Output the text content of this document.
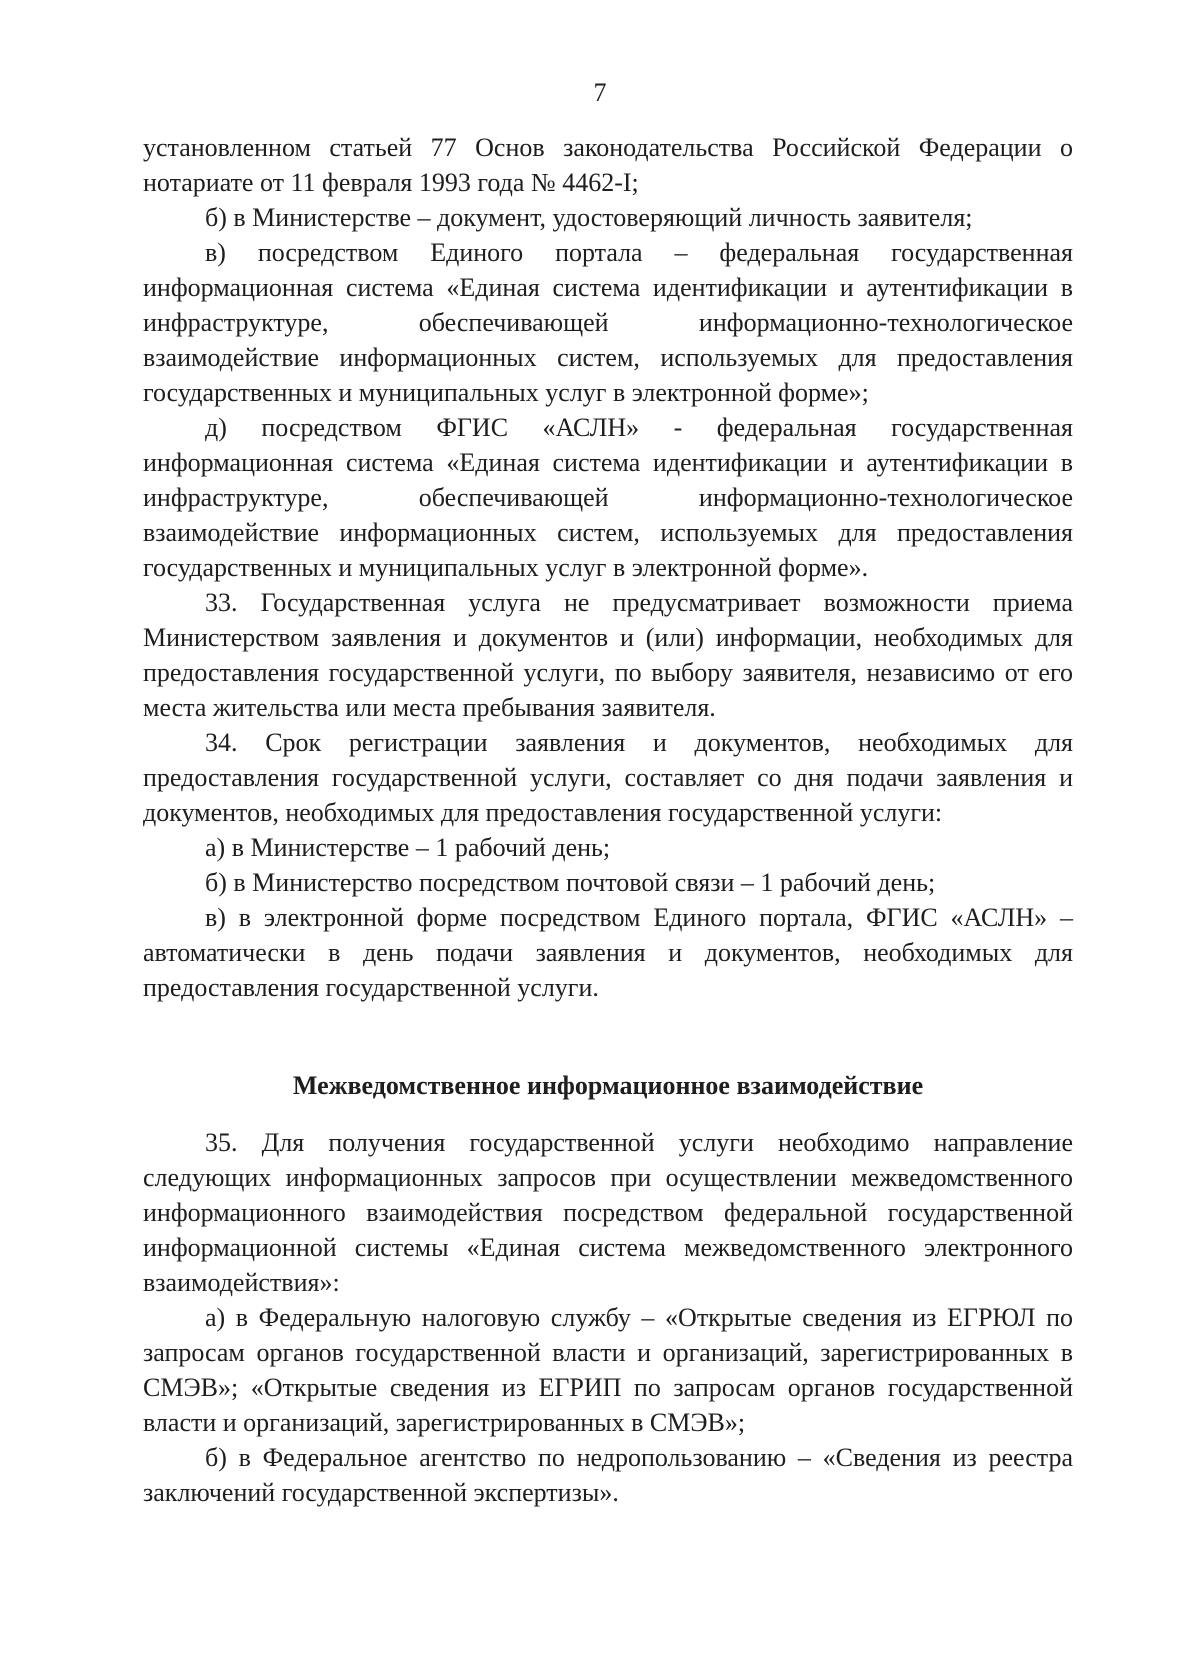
7

установленном статьей 77 Основ законодательства Российской Федерации о нотариате от 11 февраля 1993 года № 4462-I;

б) в Министерстве – документ, удостоверяющий личность заявителя;

в) посредством Единого портала – федеральная государственная информационная система «Единая система идентификации и аутентификации в инфраструктуре, обеспечивающей информационно-технологическое взаимодействие информационных систем, используемых для предоставления государственных и муниципальных услуг в электронной форме»;

д) посредством ФГИС «АСЛН» - федеральная государственная информационная система «Единая система идентификации и аутентификации в инфраструктуре, обеспечивающей информационно-технологическое взаимодействие информационных систем, используемых для предоставления государственных и муниципальных услуг в электронной форме».

33. Государственная услуга не предусматривает возможности приема Министерством заявления и документов и (или) информации, необходимых для предоставления государственной услуги, по выбору заявителя, независимо от его места жительства или места пребывания заявителя.

34. Срок регистрации заявления и документов, необходимых для предоставления государственной услуги, составляет со дня подачи заявления и документов, необходимых для предоставления государственной услуги:

а) в Министерстве – 1 рабочий день;

б) в Министерство посредством почтовой связи – 1 рабочий день;

в) в электронной форме посредством Единого портала, ФГИС «АСЛН» – автоматически в день подачи заявления и документов, необходимых для предоставления государственной услуги.

Межведомственное информационное взаимодействие

35. Для получения государственной услуги необходимо направление следующих информационных запросов при осуществлении межведомственного информационного взаимодействия посредством федеральной государственной информационной системы «Единая система межведомственного электронного взаимодействия»:

а) в Федеральную налоговую службу – «Открытые сведения из ЕГРЮЛ по запросам органов государственной власти и организаций, зарегистрированных в СМЭВ»; «Открытые сведения из ЕГРИП по запросам органов государственной власти и организаций, зарегистрированных в СМЭВ»;

б) в Федеральное агентство по недропользованию – «Сведения из реестра заключений государственной экспертизы».
